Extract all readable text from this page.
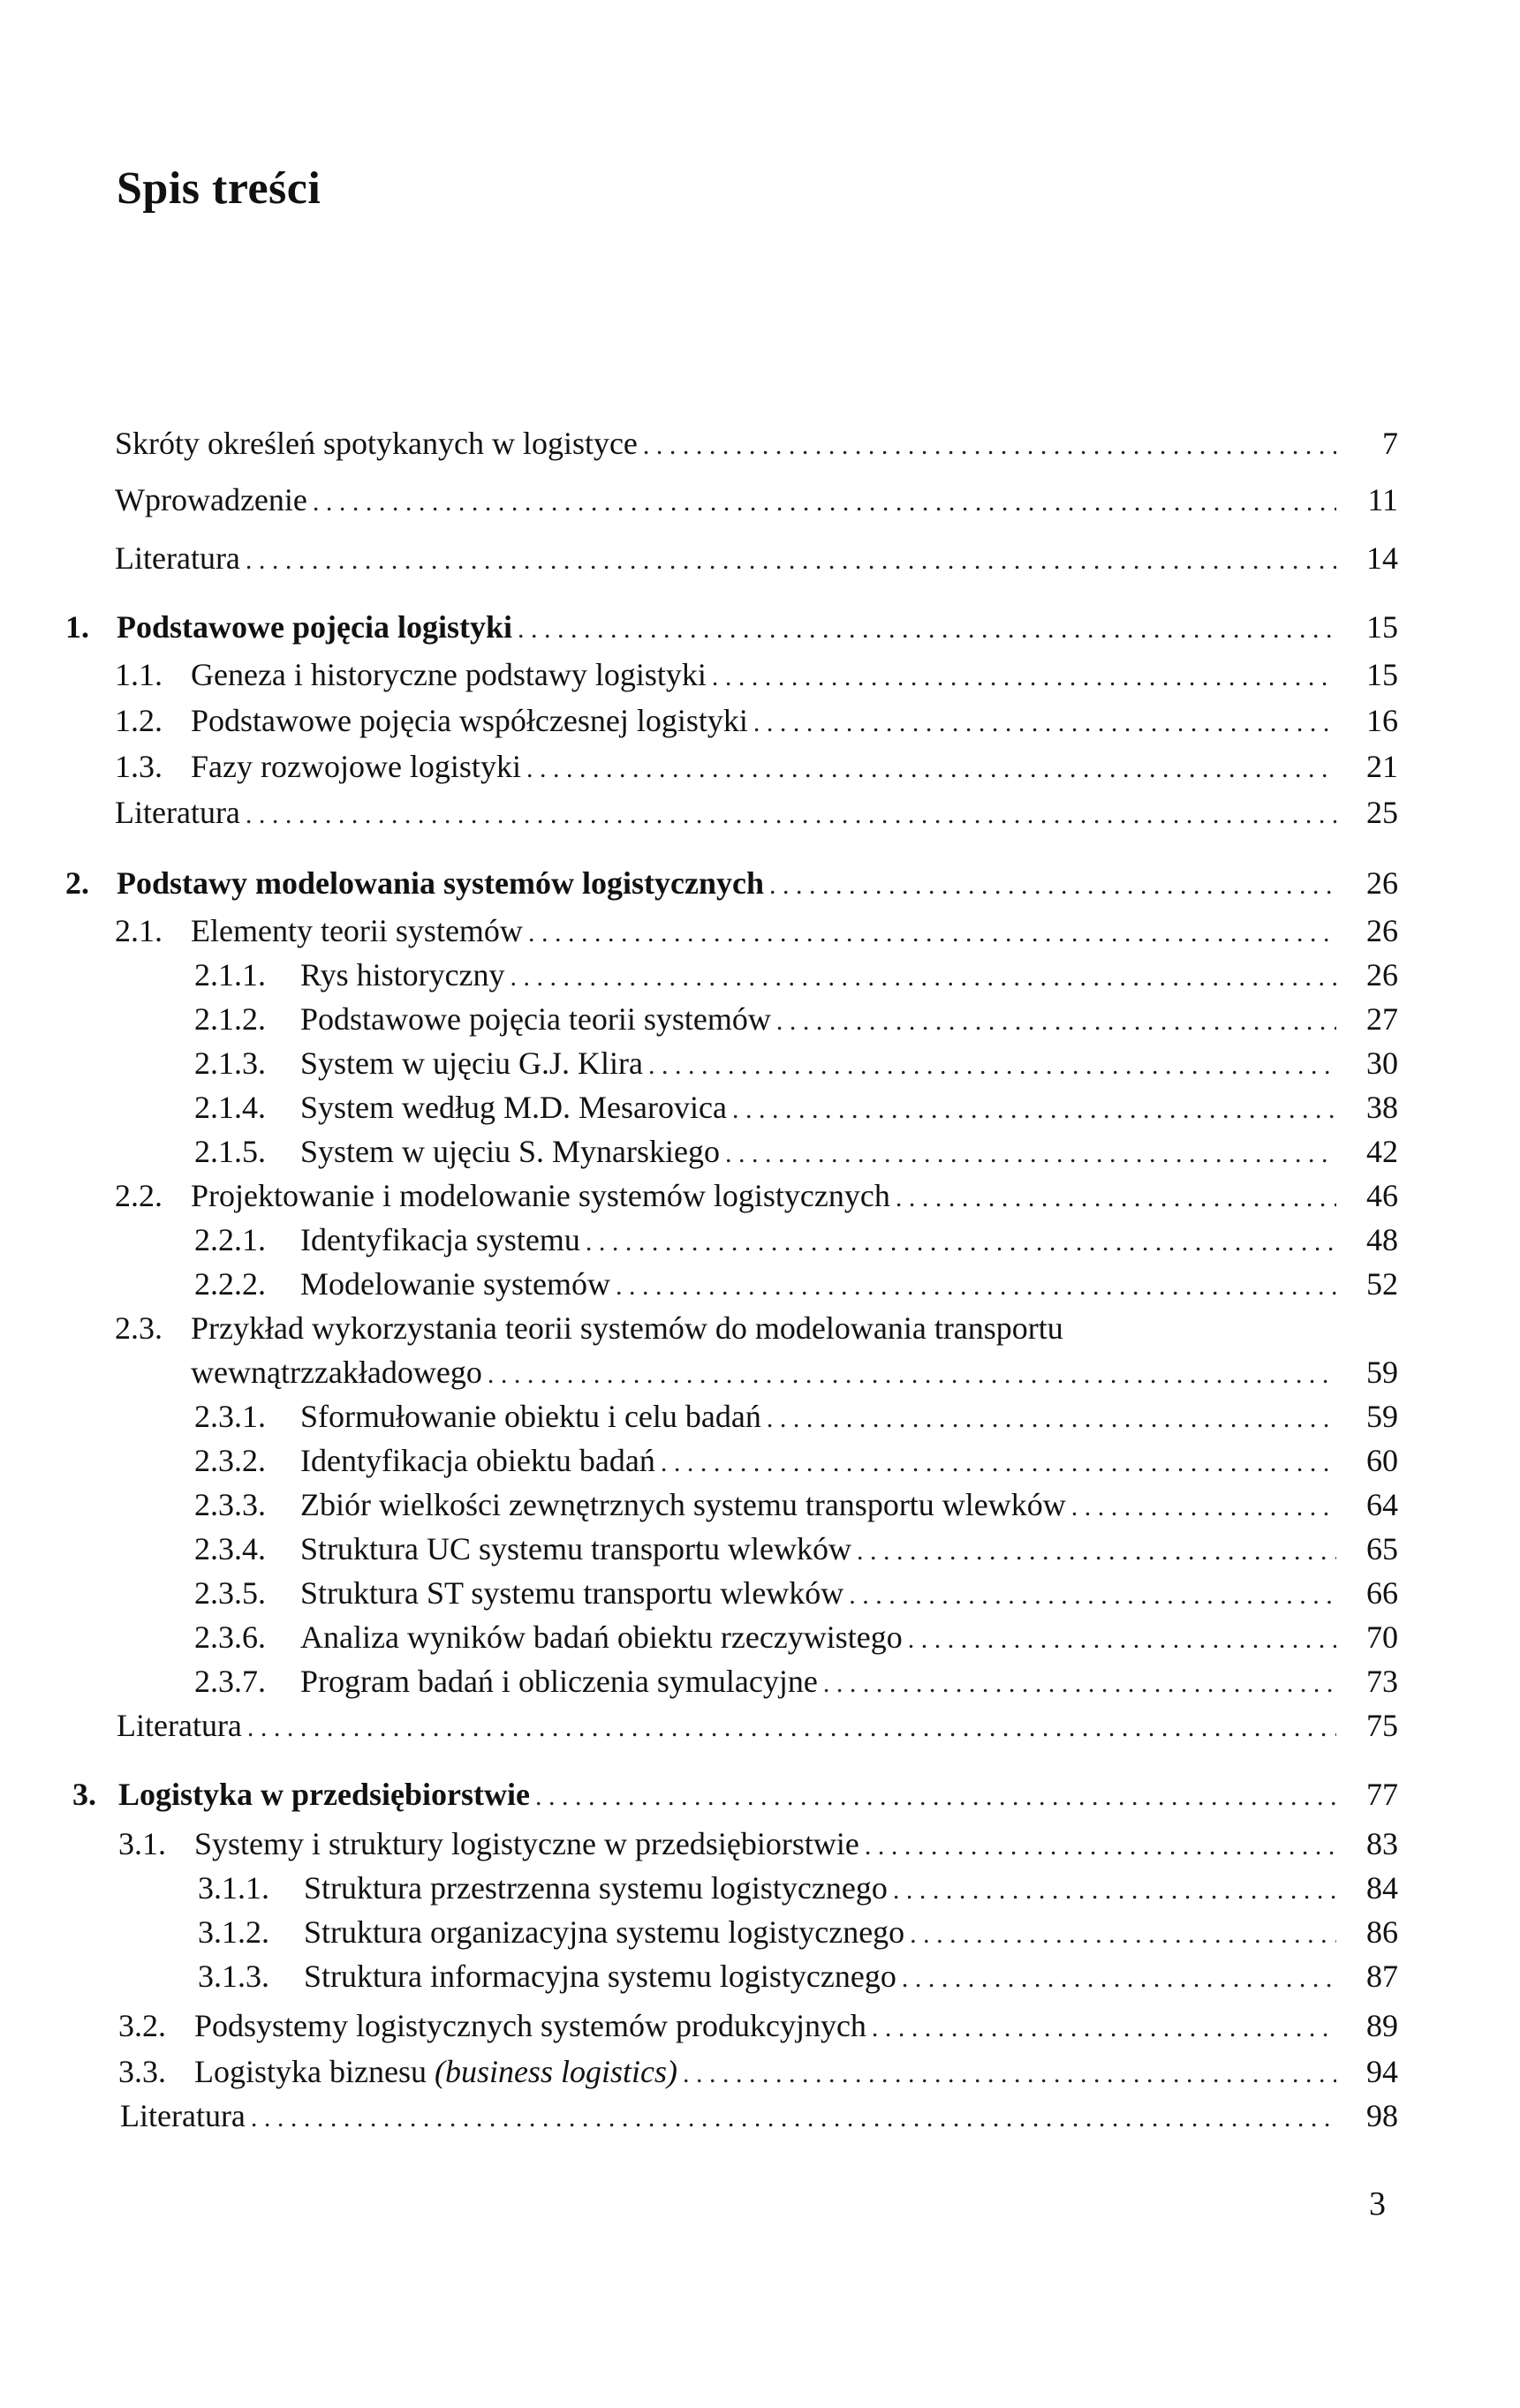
Spis treści
Skróty określeń spotykanych w logistyce . . .	7
Wprowadzenie . . .	11
Literatura . . .	14
1. Podstawowe pojęcia logistyki . . .	15
1.1. Geneza i historyczne podstawy logistyki . . .	15
1.2. Podstawowe pojęcia współczesnej logistyki . . .	16
1.3. Fazy rozwojowe logistyki . . .	21
Literatura . . .	25
2. Podstawy modelowania systemów logistycznych . . .	26
2.1. Elementy teorii systemów . . .	26
2.1.1.	Rys historyczny . . .	26
2.1.2.	Podstawowe pojęcia teorii systemów . . .	27
2.1.3.	System w ujęciu G.J. Klira . . .	30
2.1.4.	System według M.D. Mesarovica . . .	38
2.1.5.	System w ujęciu S. Mynarskiego . . .	42
2.2. Projektowanie i modelowanie systemów logistycznych . . .	46
2.2.1.	Identyfikacja systemu . . .	48
2.2.2.	Modelowanie systemów . . .	52
2.3. Przykład wykorzystania teorii systemów do modelowania transportu
wewnątrzzakładowego . . .	59
2.3.1.	Sformułowanie obiektu i celu badań . . .	59
2.3.2.	Identyfikacja obiektu badań . . .	60
2.3.3.	Zbiór wielkości zewnętrznych systemu transportu wlewków . . .	64
2.3.4.	Struktura UC systemu transportu wlewków . . .	65
2.3.5.	Struktura ST systemu transportu wlewków . . .	66
2.3.6.	Analiza wyników badań obiektu rzeczywistego . . .	70
2.3.7.	Program badań i obliczenia symulacyjne . . .	73
Literatura . . .	75
3. Logistyka w przedsiębiorstwie . . .	77
3.1. Systemy i struktury logistyczne w przedsiębiorstwie . . .	83
3.1.1.	Struktura przestrzenna systemu logistycznego . . .	84
3.1.2.	Struktura organizacyjna systemu logistycznego . . .	86
3.1.3.	Struktura informacyjna systemu logistycznego . . .	87
3.2. Podsystemy logistycznych systemów produkcyjnych . . .	89
3.3. Logistyka biznesu (business logistics) . . .	94
Literatura . . .	98
3
